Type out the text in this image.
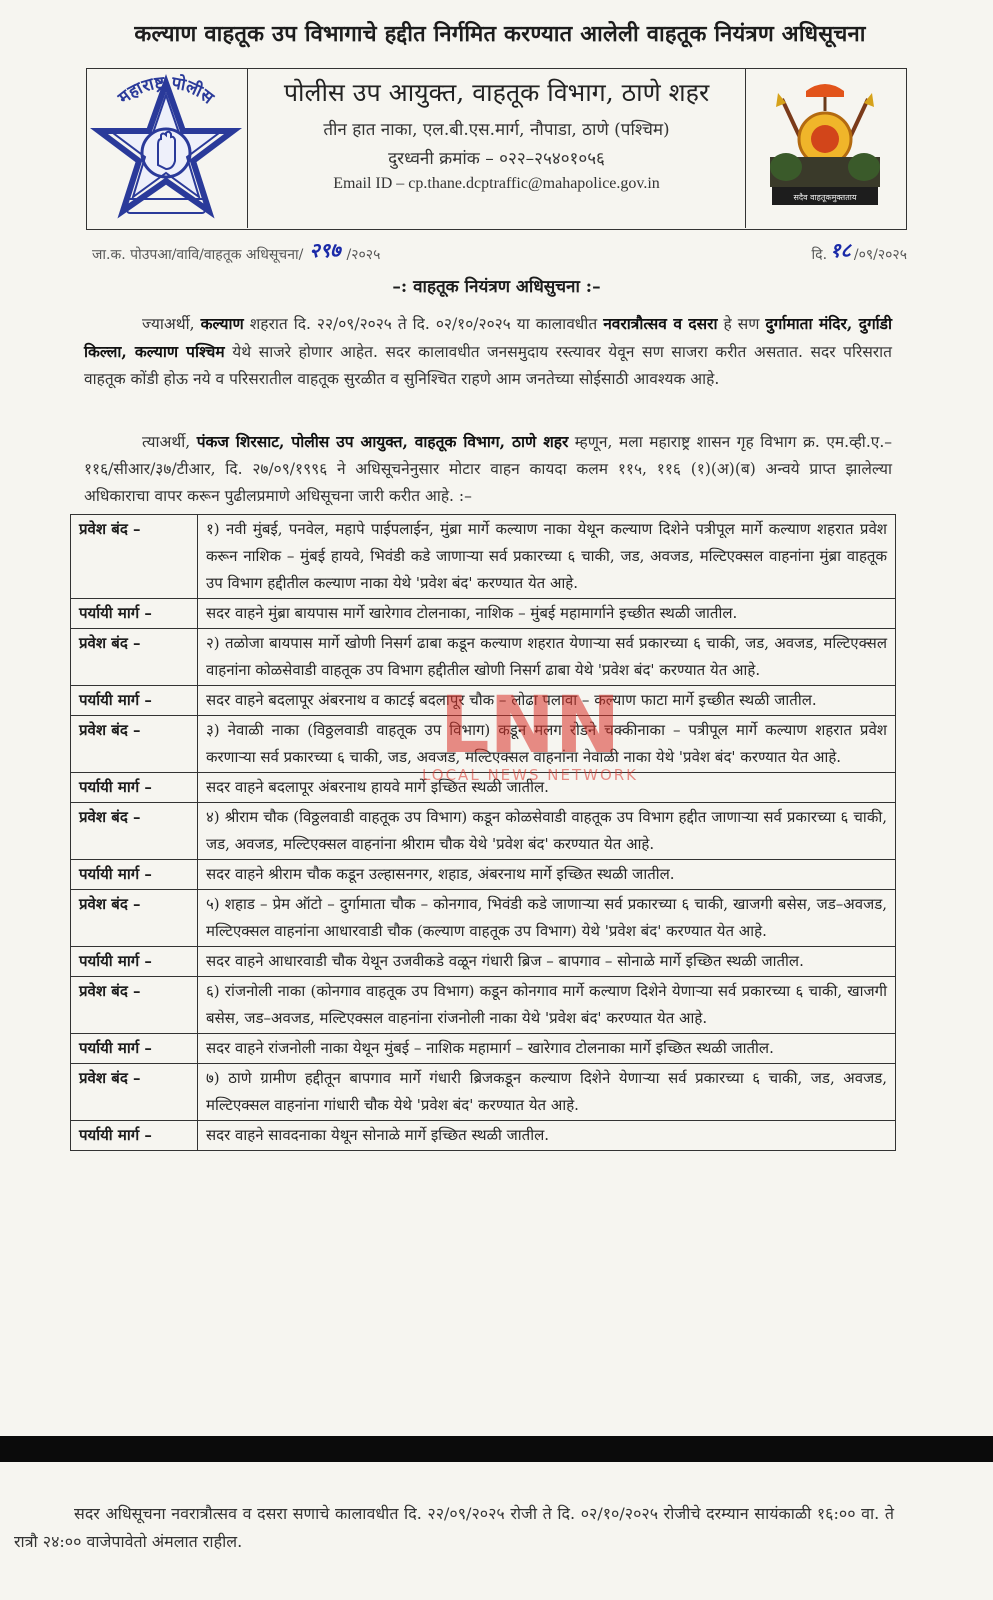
कल्याण वाहतूक उप विभागाचे हद्दीत निर्गमित करण्यात आलेली वाहतूक नियंत्रण अधिसूचना
महाराष्ट्र पोलीस	पोलीस उप आयुक्त, वाहतूक विभाग, ठाणे शहर
तीन हात नाका, एल.बी.एस.मार्ग, नौपाडा, ठाणे (पश्चिम)
दुरध्वनी क्रमांक – ०२२–२५४०१०५६
Email ID – cp.thane.dcptraffic@mahapolice.gov.in
सदैव वाहतूकमुक्तताय
जा.क. पोउपआ/वावि/वाहतूक अधिसूचना/ २९७ /२०२५	दि. १८ /०९/२०२५
–: वाहतूक नियंत्रण अधिसुचना :–
ज्याअर्थी, कल्याण शहरात दि. २२/०९/२०२५ ते दि. ०२/१०/२०२५ या कालावधीत नवरात्रौत्सव व दसरा हे सण दुर्गामाता मंदिर, दुर्गाडी किल्ला, कल्याण पश्चिम येथे साजरे होणार आहेत. सदर कालावधीत जनसमुदाय रस्त्यावर येवून सण साजरा करीत असतात. सदर परिसरात वाहतूक कोंडी होऊ नये व परिसरातील वाहतूक सुरळीत व सुनिश्चित राहणे आम जनतेच्या सोईसाठी आवश्यक आहे.
त्याअर्थी, पंकज शिरसाट, पोलीस उप आयुक्त, वाहतूक विभाग, ठाणे शहर म्हणून, मला महाराष्ट्र शासन गृह विभाग क्र. एम.व्ही.ए.–११६/सीआर/३७/टीआर, दि. २७/०९/१९९६ ने अधिसूचनेनुसार मोटार वाहन कायदा कलम ११५, ११६ (१)(अ)(ब) अन्वये प्राप्त झालेल्या अधिकाराचा वापर करून पुढीलप्रमाणे अधिसूचना जारी करीत आहे. :–
प्रवेश बंद –	१) नवी मुंबई, पनवेल, महापे पाईपलाईन, मुंब्रा मार्गे कल्याण नाका येथून कल्याण दिशेने पत्रीपूल मार्गे कल्याण शहरात प्रवेश करून नाशिक – मुंबई हायवे, भिवंडी कडे जाणाऱ्या सर्व प्रकारच्या ६ चाकी, जड, अवजड, मल्टिएक्सल वाहनांना मुंब्रा वाहतूक उप विभाग हद्दीतील कल्याण नाका येथे 'प्रवेश बंद' करण्यात येत आहे.
पर्यायी मार्ग –	सदर वाहने मुंब्रा बायपास मार्गे खारेगाव टोलनाका, नाशिक – मुंबई महामार्गाने इच्छीत स्थळी जातील.
प्रवेश बंद –	२) तळोजा बायपास मार्गे खोणी निसर्ग ढाबा कडून कल्याण शहरात येणाऱ्या सर्व प्रकारच्या ६ चाकी, जड, अवजड, मल्टिएक्सल वाहनांना कोळसेवाडी वाहतूक उप विभाग हद्दीतील खोणी निसर्ग ढाबा येथे 'प्रवेश बंद' करण्यात येत आहे.
पर्यायी मार्ग –	सदर वाहने बदलापूर अंबरनाथ व काटई बदलापूर चौक – लोढा पलावा – कल्याण फाटा मार्गे इच्छीत स्थळी जातील.
प्रवेश बंद –	३) नेवाळी नाका (विठ्ठलवाडी वाहतूक उप विभाग) कडून मलग रोडने चक्कीनाका – पत्रीपूल मार्गे कल्याण शहरात प्रवेश करणाऱ्या सर्व प्रकारच्या ६ चाकी, जड, अवजड, मल्टिएक्सल वाहनांना नेवाळी नाका येथे 'प्रवेश बंद' करण्यात येत आहे.
पर्यायी मार्ग –	सदर वाहने बदलापूर अंबरनाथ हायवे मार्गे इच्छित स्थळी जातील.
प्रवेश बंद –	४) श्रीराम चौक (विठ्ठलवाडी वाहतूक उप विभाग) कडून कोळसेवाडी वाहतूक उप विभाग हद्दीत जाणाऱ्या सर्व प्रकारच्या ६ चाकी, जड, अवजड, मल्टिएक्सल वाहनांना श्रीराम चौक येथे 'प्रवेश बंद' करण्यात येत आहे.
पर्यायी मार्ग –	सदर वाहने श्रीराम चौक कडून उल्हासनगर, शहाड, अंबरनाथ मार्गे इच्छित स्थळी जातील.
प्रवेश बंद –	५) शहाड – प्रेम ऑटो – दुर्गामाता चौक – कोनगाव, भिवंडी कडे जाणाऱ्या सर्व प्रकारच्या ६ चाकी, खाजगी बसेस, जड–अवजड, मल्टिएक्सल वाहनांना आधारवाडी चौक (कल्याण वाहतूक उप विभाग) येथे 'प्रवेश बंद' करण्यात येत आहे.
पर्यायी मार्ग –	सदर वाहने आधारवाडी चौक येथून उजवीकडे वळून गंधारी ब्रिज – बापगाव – सोनाळे मार्गे इच्छित स्थळी जातील.
प्रवेश बंद –	६) रांजनोली नाका (कोनगाव वाहतूक उप विभाग) कडून कोनगाव मार्गे कल्याण दिशेने येणाऱ्या सर्व प्रकारच्या ६ चाकी, खाजगी बसेस, जड–अवजड, मल्टिएक्सल वाहनांना रांजनोली नाका येथे 'प्रवेश बंद' करण्यात येत आहे.
पर्यायी मार्ग –	सदर वाहने रांजनोली नाका येथून मुंबई – नाशिक महामार्ग – खारेगाव टोलनाका मार्गे इच्छित स्थळी जातील.
प्रवेश बंद –	७) ठाणे ग्रामीण हद्दीतून बापगाव मार्गे गंधारी ब्रिजकडून कल्याण दिशेने येणाऱ्या सर्व प्रकारच्या ६ चाकी, जड, अवजड, मल्टिएक्सल वाहनांना गांधारी चौक येथे 'प्रवेश बंद' करण्यात येत आहे.
पर्यायी मार्ग –	सदर वाहने सावदनाका येथून सोनाळे मार्गे इच्छित स्थळी जातील.
LNN
LOCAL NEWS NETWORK
सदर अधिसूचना नवरात्रौत्सव व दसरा सणाचे कालावधीत दि. २२/०९/२०२५ रोजी ते दि. ०२/१०/२०२५ रोजीचे दरम्यान सायंकाळी १६:०० वा. ते रात्रौ २४:०० वाजेपावेतो अंमलात राहील.
